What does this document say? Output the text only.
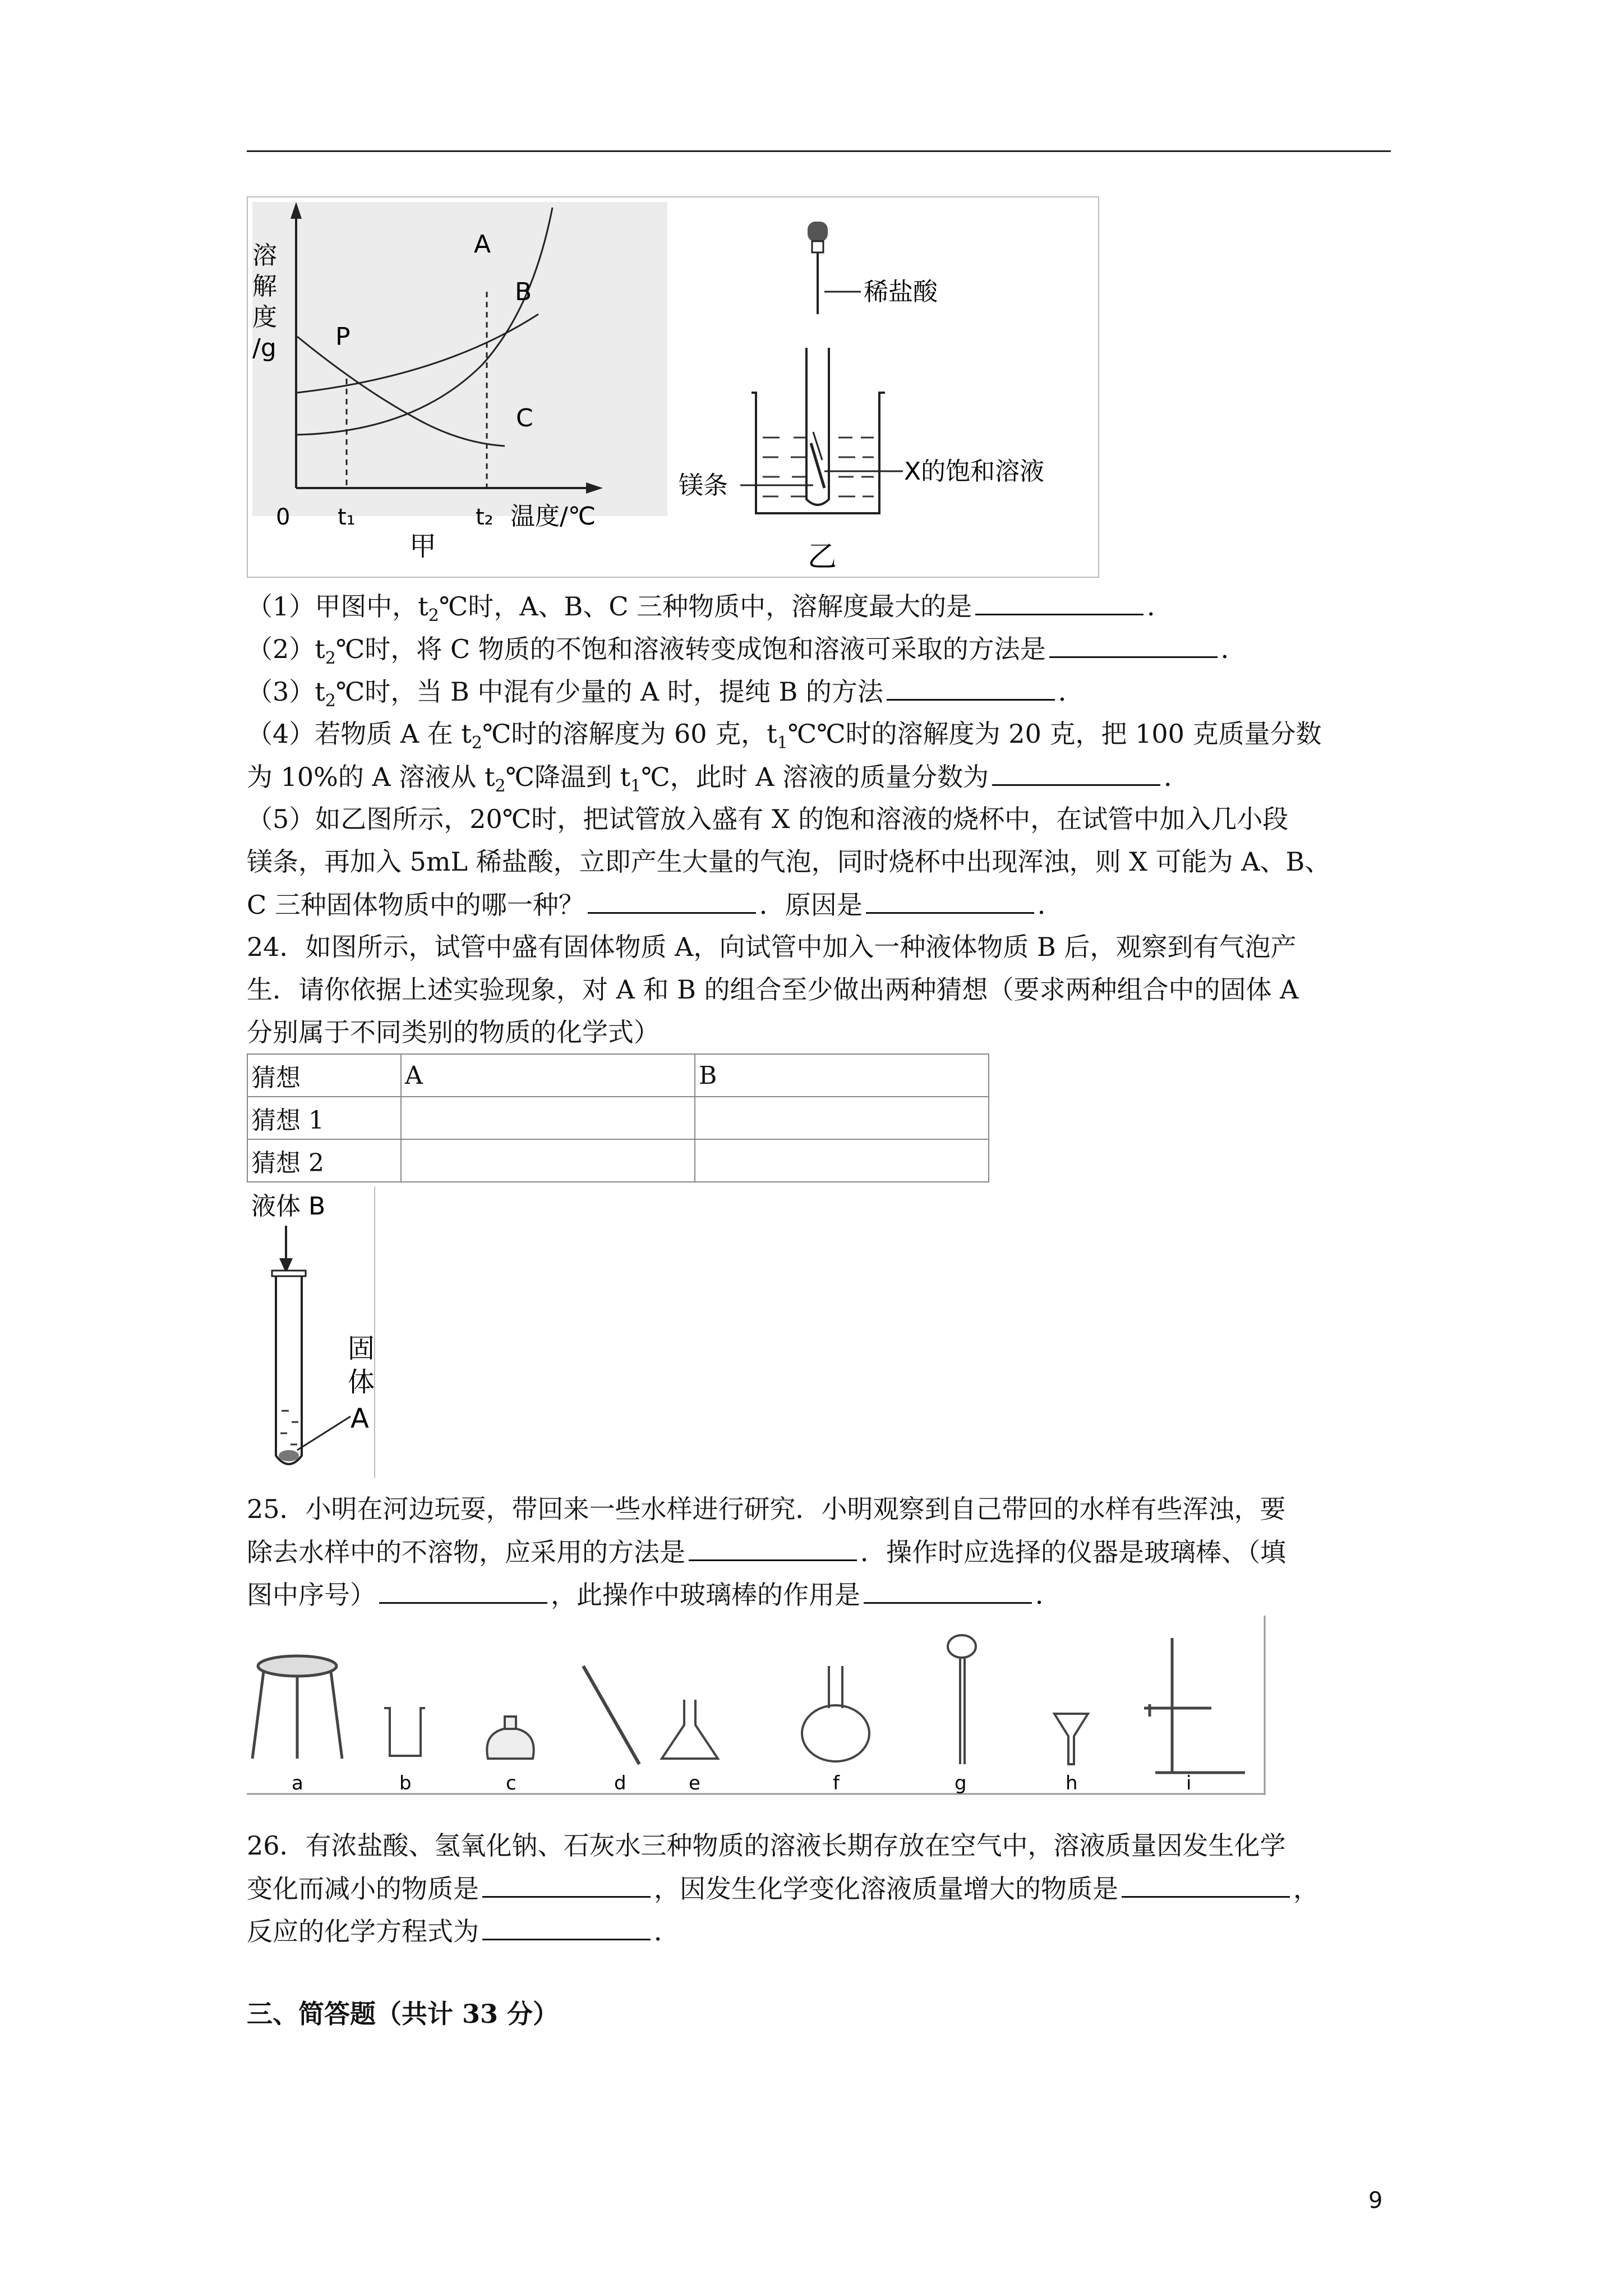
溶
解
度
/g
A
B
C
P
0 t₁	t₂ 温度/℃
甲
稀盐酸
镁条	X的饱和溶液
乙
（1）甲图中，$t_2℃$时，A、B、C 三种物质中，溶解度最大的是	．
$(2)t_2℃$时，将 C 物质的不饱和溶液转变成饱和溶液可采取的方法是	．
$(3)t_2℃$时，当 B 中混有少量的 A 时，提纯 B 的方法	．
（4）若物质 A 在 $t_2℃$时的溶解度为 60 克，$t_1℃℃$时的溶解度为 20 克，把 100 克质量分数
为 10%的 A 溶液从 $t_2℃$降温到 $t_1℃$，此时 A 溶液的质量分数为	．
（5）如乙图所示，20℃时，把试管放入盛有 X 的饱和溶液的烧杯中，在试管中加入几小段
镁条，再加入 5mL 稀盐酸，立即产生大量的气泡，同时烧杯中出现浑浊，则 X 可能为 A、B、
C 三种固体物质中的哪一种？	．原因是	．
24．如图所示，试管中盛有固体物质 A，向试管中加入一种液体物质 B 后，观察到有气泡产
生．请你依据上述实验现象，对 A 和 B 的组合至少做出两种猜想（要求两种组合中的固体 A
分别属于不同类别的物质的化学式）
猜想	A	B
猜想 1		
猜想 2		
液体 B
固
体
A
25．小明在河边玩耍，带回来一些水样进行研究．小明观察到自己带回的水样有些浑浊，要
除去水样中的不溶物，应采用的方法是	．操作时应选择的仪器是玻璃棒、（填
图中序号）	，此操作中玻璃棒的作用是	．
a	b	c	d	e	f	g	h	i
26．有浓盐酸、氢氧化钠、石灰水三种物质的溶液长期存放在空气中，溶液质量因发生化学
变化而减小的物质是	，因发生化学变化溶液质量增大的物质是	，
反应的化学方程式为	．
三、简答题（共计 33 分）
9
